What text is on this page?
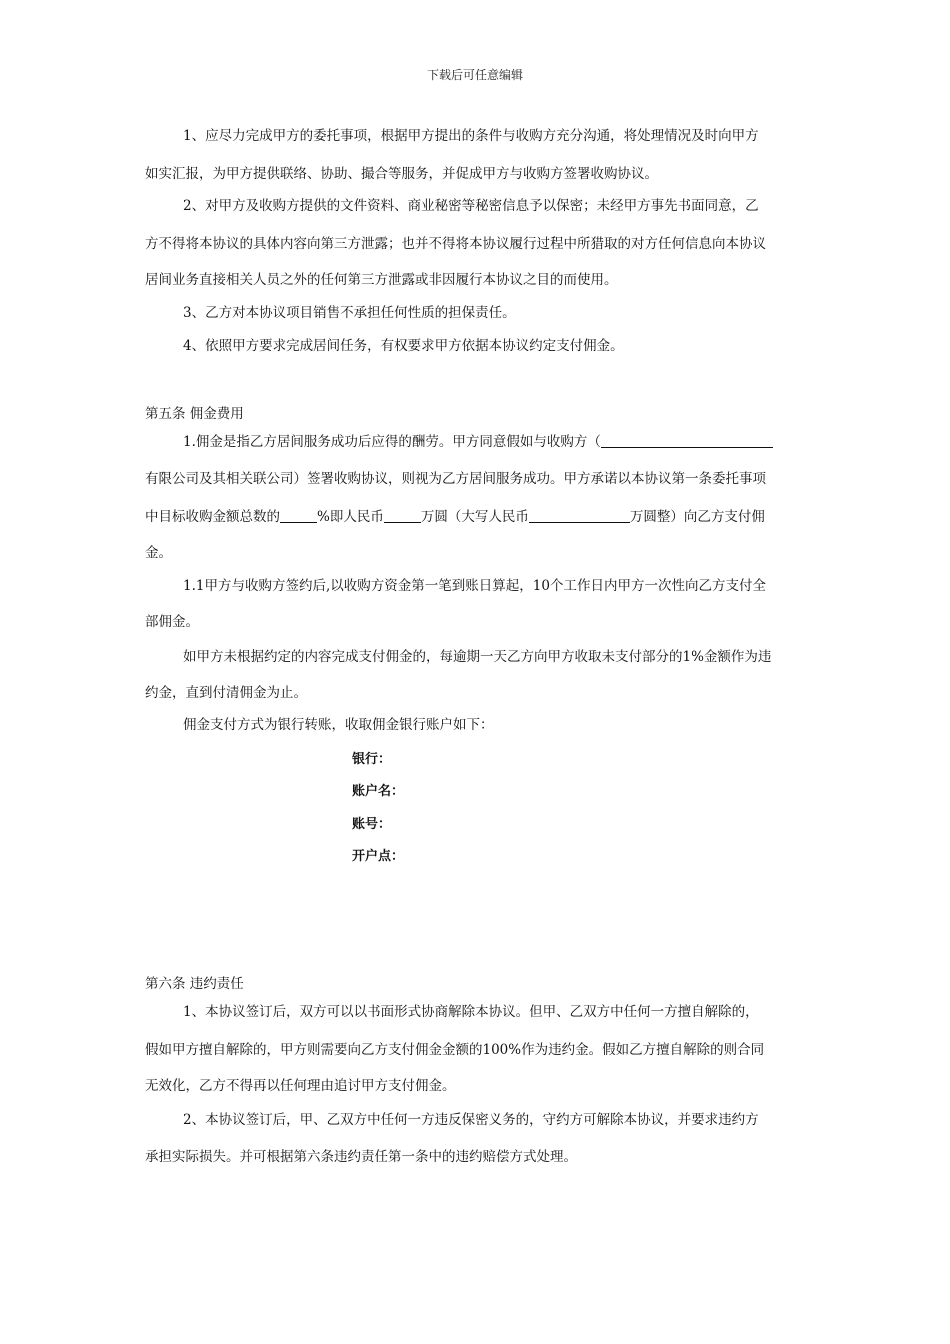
下载后可任意编辑
1、应尽力完成甲方的委托事项，根据甲方提出的条件与收购方充分沟通，将处理情况及时向甲方
如实汇报，为甲方提供联络、协助、撮合等服务，并促成甲方与收购方签署收购协议。
2、对甲方及收购方提供的文件资料、商业秘密等秘密信息予以保密；未经甲方事先书面同意，乙
方不得将本协议的具体内容向第三方泄露；也并不得将本协议履行过程中所猎取的对方任何信息向本协议
居间业务直接相关人员之外的任何第三方泄露或非因履行本协议之目的而使用。
3、乙方对本协议项目销售不承担任何性质的担保责任。
4、依照甲方要求完成居间任务，有权要求甲方依据本协议约定支付佣金。
第五条 佣金费用
1.佣金是指乙方居间服务成功后应得的酬劳。甲方同意假如与收购方（
有限公司及其相关联公司）签署收购协议，则视为乙方居间服务成功。甲方承诺以本协议第一条委托事项
中目标收购金额总数的	%即人民币	万圆（大写人民币	万圆整）向乙方支付佣
金。
1.1甲方与收购方签约后,以收购方资金第一笔到账日算起，10个工作日内甲方一次性向乙方支付全
部佣金。
如甲方未根据约定的内容完成支付佣金的，每逾期一天乙方向甲方收取未支付部分的1%金额作为违
约金，直到付清佣金为止。
佣金支付方式为银行转账，收取佣金银行账户如下：
银行：
账户名：
账号：
开户点：
第六条 违约责任
1、本协议签订后，双方可以以书面形式协商解除本协议。但甲、乙双方中任何一方擅自解除的，
假如甲方擅自解除的，甲方则需要向乙方支付佣金金额的100%作为违约金。假如乙方擅自解除的则合同
无效化，乙方不得再以任何理由追讨甲方支付佣金。
2、本协议签订后，甲、乙双方中任何一方违反保密义务的，守约方可解除本协议，并要求违约方
承担实际损失。并可根据第六条违约责任第一条中的违约赔偿方式处理。
